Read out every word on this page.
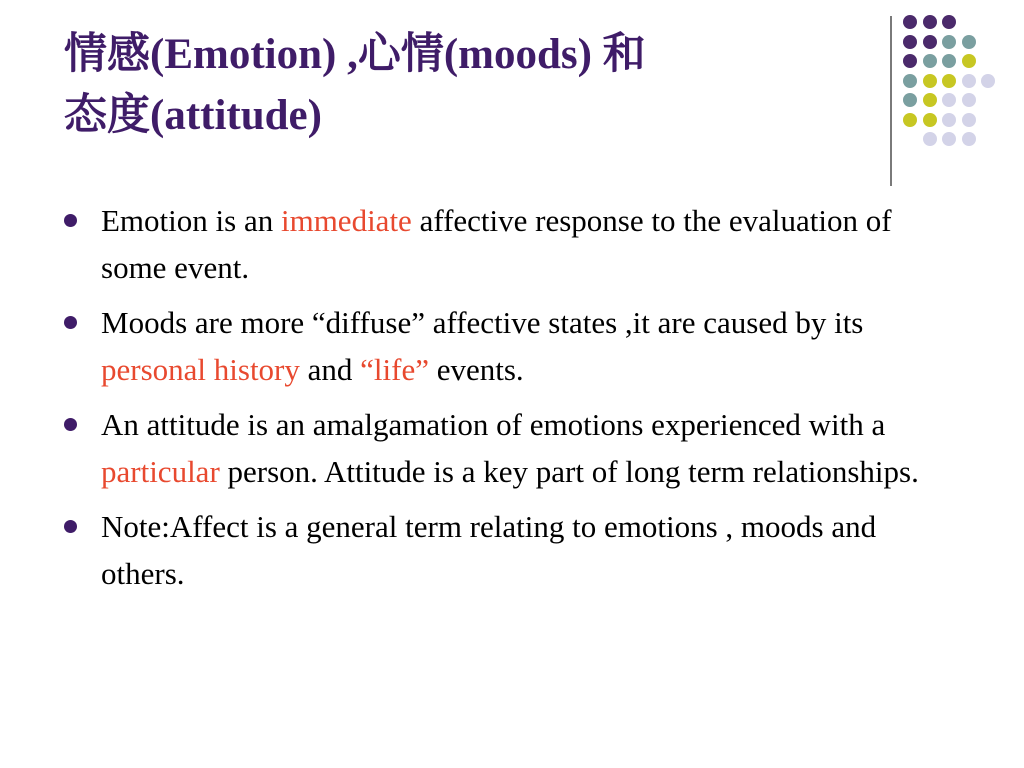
情感(Emotion) ,心情(moods) 和
态度(attitude)
Emotion is an immediate affective response to the evaluation of some event.
Moods are more “diffuse” affective states ,it are caused by its personal history and “life” events.
An attitude is an amalgamation of emotions experienced with a particular person. Attitude is a key part of long term relationships.
Note:Affect is a general term relating to emotions , moods and others.
